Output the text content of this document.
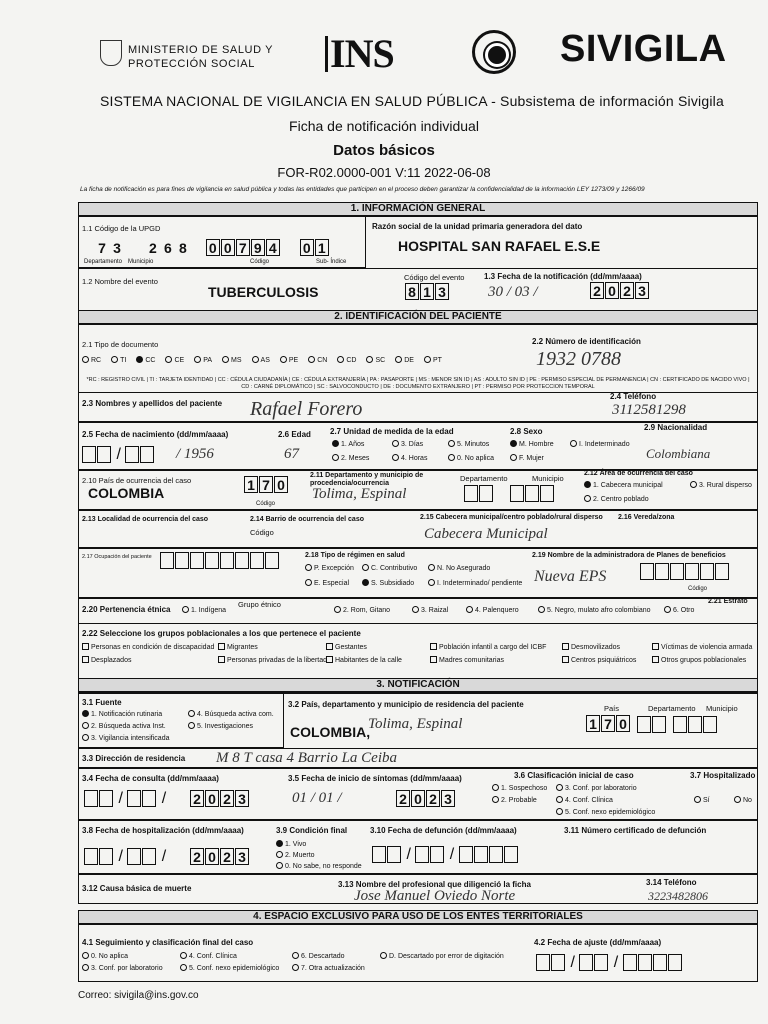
MINISTERIO DE SALUD Y
PROTECCIÓN SOCIAL	INS	SIVIGILA
SISTEMA NACIONAL DE VIGILANCIA EN SALUD PÚBLICA - Subsistema de información Sivigila
Ficha de notificación individual
Datos básicos
FOR-R02.0000-001 V:11 2022-06-08
La ficha de notificación es para fines de vigilancia en salud pública y todas las entidades que participen en el proceso deben garantizar la confidencialidad de la información LEY 1273/09 y 1266/09
1. INFORMACIÓN GENERAL
1.1 Código de la UPGD
7 3 2 6 8 0 0 7 9 4 0 1
Departamento Municipio	Código	Sub- Índice
Razón social de la unidad primaria generadora del dato
HOSPITAL SAN RAFAEL E.S.E
1.2 Nombre del evento
TUBERCULOSIS
Código del evento
8 1 3
1.3 Fecha de la notificación (dd/mm/aaaa)
30 / 03 /	2 0 2 3
2. IDENTIFICACIÓN DEL PACIENTE
2.1 Tipo de documento
RC	TI	CC	CE	PA	MS	AS	PE	CN	CD	SC	DE	PT
2.2 Número de identificación
1932 0788
*RC : REGISTRO CIVIL | TI : TARJETA IDENTIDAD | CC : CÉDULA CIUDADANÍA | CE : CÉDULA EXTRANJERÍA | PA : PASAPORTE | MS : MENOR SIN ID | AS : ADULTO SIN ID | PE : PERMISO ESPECIAL DE PERMANENCIA | CN : CERTIFICADO DE NACIDO VIVO | CD : CARNÉ DIPLOMÁTICO | SC : SALVOCONDUCTO | DE : DOCUMENTO EXTRANJERO | PT : PERMISO POR PROTECCION TEMPORAL
2.3 Nombres y apellidos del paciente Rafael Forero
2.4 Teléfono
3112581298
2.5 Fecha de nacimiento (dd/mm/aaaa)
/	/ 1956
2.6 Edad
67
2.7 Unidad de medida de la edad
1. Años
2. Meses
3. Días
4. Horas
5. Minutos
0. No aplica
2.8 Sexo
M. Hombre
F. Mujer
I. Indeterminado
2.9 Nacionalidad
Colombiana
2.10 País de ocurrencia del caso
COLOMBIA	1 7 0
Código
2.11 Departamento y municipio de procedencia/ocurrencia
Tolima, Espinal
Departamento	Municipio

2.12 Área de ocurrencia del caso
1. Cabecera municipal
2. Centro poblado
3. Rural disperso
2.13 Localidad de ocurrencia del caso	2.14 Barrio de ocurrencia del caso
Código
2.15 Cabecera municipal/centro poblado/rural disperso
Cabecera Municipal
2.16 Vereda/zona
2.17 Ocupación del paciente	2.18 Tipo de régimen en salud
P. Excepción
E. Especial
C. Contributivo
S. Subsidiado
N. No Asegurado
I. Indeterminado/ pendiente
2.19 Nombre de la administradora de Planes de beneficios
Nueva EPS
Código
2.20 Pertenencia étnica	1. Indígena
Grupo étnico
2. Rom, Gitano	3. Raizal	4. Palenquero	5. Negro, mulato afro colombiano	6. Otro
2.21 Estrato
2.22 Seleccione los grupos poblacionales a los que pertenece el paciente
Personas en condición de discapacidad
Desplazados
Migrantes
Personas privadas de la libertad
Gestantes
Habitantes de la calle
Población infantil a cargo del ICBF
Madres comunitarias
Desmovilizados
Centros psiquiátricos
Víctimas de violencia armada
Otros grupos poblacionales
3. NOTIFICACIÓN
3.1 Fuente
1. Notificación rutinaria
2. Búsqueda activa Inst.
3. Vigilancia intensificada
4. Búsqueda activa com.
5. Investigaciones
3.2 País, departamento y municipio de residencia del paciente
COLOMBIA,
Tolima, Espinal
País	Departamento Municipio
1 7 0
3.3 Dirección de residencia M 8 T casa 4 Barrio La Ceiba
3.4 Fecha de consulta (dd/mm/aaaa)
/  / 2 0 2 3
3.5 Fecha de inicio de síntomas (dd/mm/aaaa)
01 / 01 /	2 0 2 3
3.6 Clasificación inicial de caso
1. Sospechoso
2. Probable
3. Conf. por laboratorio
4. Conf. Clínica
5. Conf. nexo epidemiológico
3.7 Hospitalizado
Sí	No
3.8 Fecha de hospitalización (dd/mm/aaaa)
/  / 2 0 2 3
3.9 Condición final
1. Vivo
2. Muerto
0. No sabe, no responde
3.10 Fecha de defunción (dd/mm/aaaa)
/  /
3.11 Número certificado de defunción
3.12 Causa básica de muerte	3.13 Nombre del profesional que diligenció la ficha
Jose Manuel Oviedo Norte
3.14 Teléfono
3223482806
4. ESPACIO EXCLUSIVO PARA USO DE LOS ENTES TERRITORIALES
4.1 Seguimiento y clasificación final del caso
0. No aplica
3. Conf. por laboratorio
4. Conf. Clínica
5. Conf. nexo epidemiológico
6. Descartado
7. Otra actualización
D. Descartado por error de digitación
4.2 Fecha de ajuste (dd/mm/aaaa)
/  /
Correo: sivigila@ins.gov.co
